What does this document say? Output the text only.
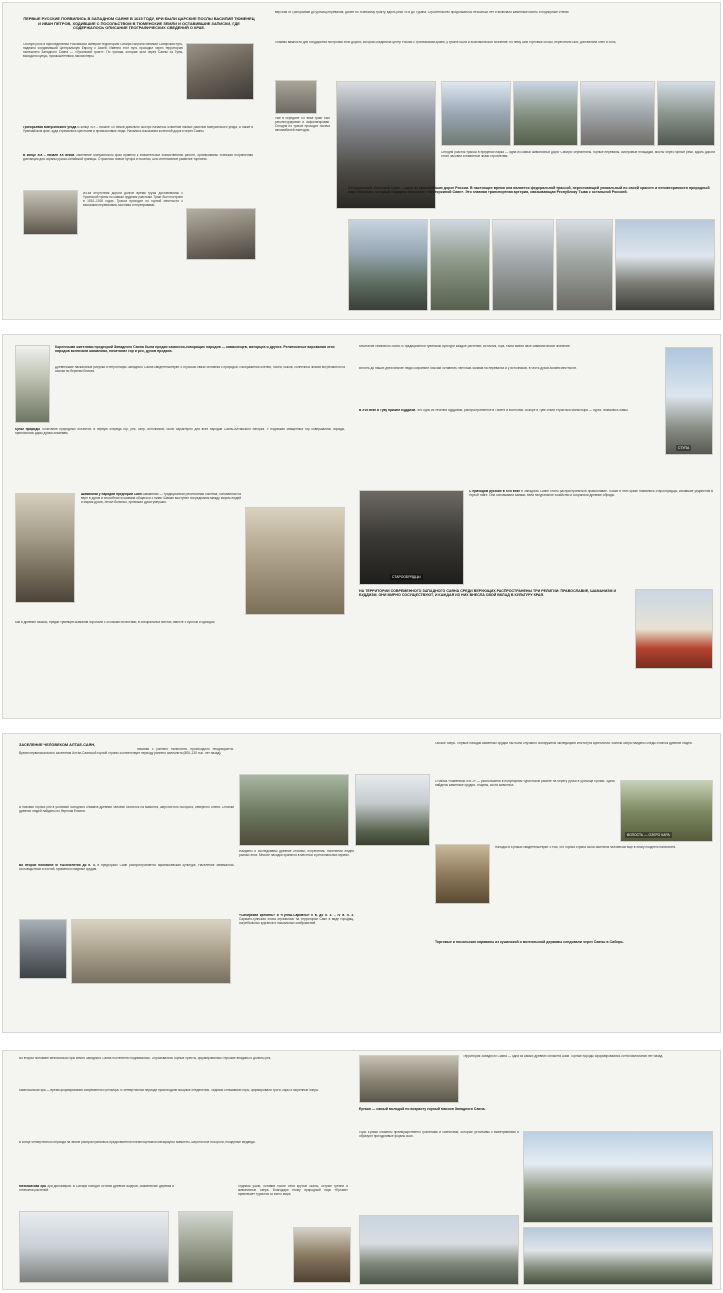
ПЕРВЫЕ РУССКИЕ ПОЯВИЛИСЬ В ЗАПАДНОМ САЯНЕ В 1615 ГОДУ, КРИ БЫЛИ ЦАРСКИЕ ПОСЛЫ ВАСИЛИЙ ТЮМЕНЕЦ И ИВАН ПЕТРОВ, ХОДИВШИЕ С ПОСОЛЬСТВОМ В ТЮМЕНСКИЕ ЗЕМЛИ И ОСТАВИВШИЕ ЗАПИСКИ, ГДЕ СОДЕРЖАЛОСЬ ОПИСАНИЕ ГЕОГРАФИЧЕСКИХ СВЕДЕНИЙ О КРАЕ.
Особую роль в присоединении Российской империи территорию Сибири сыграли Великий Сибирский путь, надежно соединивший Центральную Европу с Азией. Именно этот путь проходил через территорию нынешнего Западного Саяна — «Урсинский тракт». По тропам, которые шли через Саяны из Тувы, выходили купцы, промышленники, миссионеры.
Григорьевка Минусинского уезда В конце XIX – начале XX веков довольно быстро началось освоение южных районов Минусинского уезда, а также в Урянхайском крае, куда стремились крестьяне и промысловые люди. Начались изыскания колесной дороги через Саяны.
В конце XIX – начале XX веков Заселение Минусинского края привело к значительной хозяйственной работе, организованы Усинская пограничная дистанция для охраны русско-китайской границы. Строились новые хутора и поселки, шло интенсивное развитие торговли.
Из-за отсутствия дороги долгое время грузы доставлялись с Урсинской тропы по самым трудным участкам. Тракт был построен в 1910–1916 годах. Трасса проходит по горной местности с высокими перевалами, мостами и переправами.
верстам от Григорьевки до урочищ перевалов, далее по Усинскому тракту, вдоль реки Ус и до Турана. Строительство продолжалось несколько лет и включало каменные мосты и подпорные стенки.
Помимо важности для государства постройки этой дороги, которая соединила центр России с Урянхайским краем, у тракта было и экономическое значение: по нему шли торговые обозы, перегоняли скот, доставляли хлеб и соль.
Уже в середине ХХ века тракт был реконструирован и асфальтирован. Сегодня по трассе проходят тысячи автомобилей ежегодно.
Сегодня участок трассы в пределах парка — одна из самых живописных дорог Сибири: серпантины, горные перевалы, смотровые площадки, мосты через горные реки. Вдоль дороги стоят часовни и памятные знаки строителям.
Сегодняшний Усинский тракт – одна из красивейших дорог России. В настоящее время она является федеральной трассой, пересекающей уникальный по своей красоте и неповторимости природный парк «Ергаки», который недаром называют «жемчужиной Саян». Это главная транспортная артерия, связывающая Республику Тыва с остальной Россией.
Коренными жителями предгорий Западного Саяна были предки самоеско-говорящих народов — камасинцев, маторцев и других. Религиозные верования этих народов включали шаманизм, почитание гор и рек, духов предков.
Древнейшие наскальные рисунки и петроглифы Западного Саяна свидетельствуют о глубокой связи человека с природой. Изображения оленей, лосей, быков, солнечных знаков встречаются на скалах по берегам Енисея.
Культ природы Почитание природных объектов, в первую очередь гор, рек, озер, источников, было характерно для всех народов Саяно-Алтайского нагорья. У подножия священных гор совершались обряды, приносились дары духам-хозяевам.
Шаманизм у народов предгорий Саян Шаманизм — традиционная религиозная система, основанная на вере в духов и способности шамана общаться с ними. Шаман выступал посредником между миром людей и миром духов, лечил больных, провожал души умерших.
Как и древние хакасы, предки тувинцев шаманов хоронили с особыми почестями, в специальных местах, вместе с бубном и одеждой.
почитание семейного очага. В традиционной тувинской культуре каждое растение, источник, гора, тайга имели свое символическое значение.
Вплоть до наших дней многие люди сохраняют обычай оставлять ленточки-чалама на перевалах и у источников, в честь духов-хозяев местности.
В XVII веке в Туву пришел Буддизм. Это одно из течений буддизма, распространенное в Тибете и Монголии. Вскоре в Туве стали строиться монастыри — хурээ, появились ламы.
СТУПА
СТАРООБРЯДЦЫ
С приходом русских в XVII веке в Западном Саяне стало распространяться православие. Позже в этих краях появились старообрядцы, искавшие уединения в глухой тайге. Они основывали заимки, вели натуральное хозяйство и сохраняли древние обряды.
НА ТЕРРИТОРИИ СОВРЕМЕННОГО ЗАПАДНОГО САЯНА СРЕДИ ВЕРУЮЩИХ РАСПРОСТРАНЕНЫ ТРИ РЕЛИГИИ: ПРАВОСЛАВИЕ, ШАМАНИЗМ И БУДДИЗМ. ОНИ МИРНО СОСУЩЕСТВУЮТ, И КАЖДАЯ ИЗ НИХ ВНЕСЛА СВОЙ ВКЛАД В КУЛЬТУРУ КРАЯ.
ЗАСЕЛЕНИЕ ЧЕЛОВЕКОМ АЛТАЕ-САЯН,
начиная с раннего палеолита, происходило неоднократно. Время первоначального заселения Алтае-Саянской горной страны соответствует периоду раннего палеолита (800–130 тыс. лет назад).
В низовье горных рек в условиях холодного климата древний человек охотился на мамонта, шерстистого носорога, северного оленя. Стоянки древних людей найдены по берегам Енисея.
Во второй половине III тысячелетия до н. э. в предгорьях Саян распространяется афанасьевская культура. Население занималось скотоводством и охотой, применяло медные орудия.
Найдены и исследованы древние стоянки, погребения, поселения людей разных эпох. Многие находки хранятся в местных и региональных музеях.
«Сибирский кремень» и «Гунны-Сарматы» II в. до н. э. – IV в. н. э. Сармато-гуннская эпоха отразилась на территории Саян в виде городищ, погребальных курганов и наскальных изображений.
Ойское озеро. Первые находки каменных орудий так были случайно обнаружены экспедицией Института археологии. Вблизи озера найдены следы стоянок древних людей.
Стоянка «Каменный лог-1» — расположена в популярном туристском районе на берегу ручья в урочище Ергаки. Здесь найдены каменные орудия, отщепы, кости животных.
ВОЛОСТЬ — ОЗЕРО КАРА
Находки в Ергаках свидетельствуют о том, что горная страна была заселена человеком ещё в эпоху позднего палеолита.
Торговые и посольские караваны из кушанской и монгольской державы следовали через Саяны в Сибирь.
Во второй половине мезозойской эры земля Западного Саяна постепенно поднималась. Образовались горные хребты, формировались глубокие впадины и долины рек.
Кайнозойская эра — время формирования современного рельефа. В четвертичном периоде происходили мощные оледенения. Ледники сглаживали горы, формировали троги, кары и моренные озера.
В конце четвертичного периода на земле распространились представители плейстоценовой мегафауны: мамонты, шерстистые носороги, пещерные медведи.
Мезозойская эра Эра динозавров. В Сибири находят остатки древних ящеров, окаменелые деревья и отпечатки растений.
Ледники ушли, оставив после себя крутые скалы, острые гребни и живописные озера. Благодаря этому природный парк «Ергаки» привлекает туристов со всего мира.
Территория Западного Саяна — одна из самых древних областей Азии. Горные породы сформировались сотни миллионов лет назад.
Ергаки — самый молодой по возрасту горный массив Западного Саяна.
Горы Ергаки сложены преимущественно гранитами и сиенитами, которые устойчивы к выветриванию и образуют причудливые формы скал.
